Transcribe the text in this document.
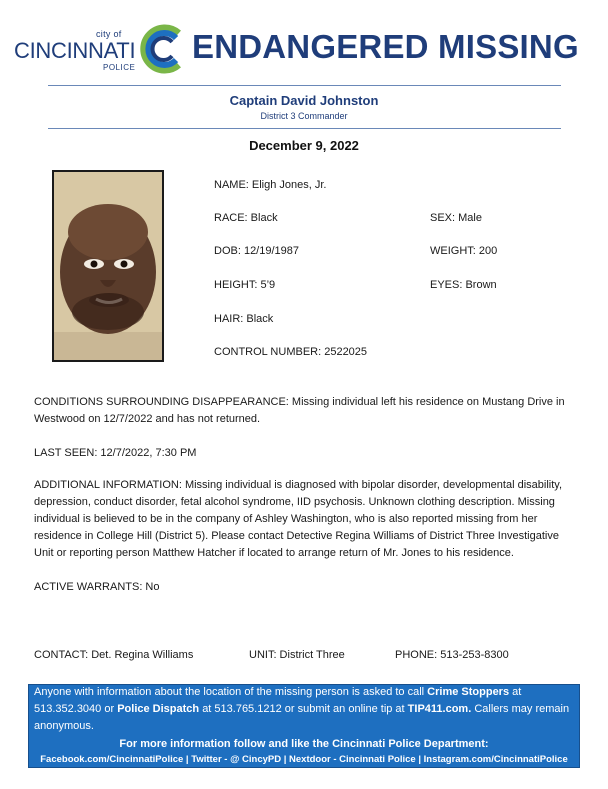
city of
CINCINNATI
POLICE
ENDANGERED MISSING
Captain David Johnston
District 3 Commander
December 9, 2022
NAME: Eligh Jones, Jr.
RACE: Black	SEX: Male
DOB: 12/19/1987	WEIGHT: 200
HEIGHT: 5’9	EYES: Brown
HAIR: Black
CONTROL NUMBER: 2522025
CONDITIONS SURROUNDING DISAPPEARANCE: Missing individual left his residence on Mustang Drive in Westwood on 12/7/2022 and has not returned.
LAST SEEN: 12/7/2022, 7:30 PM
ADDITIONAL INFORMATION: Missing individual is diagnosed with bipolar disorder, developmental disability, depression, conduct disorder, fetal alcohol syndrome, IID psychosis. Unknown clothing description. Missing individual is believed to be in the company of Ashley Washington, who is also reported missing from her residence in College Hill (District 5). Please contact Detective Regina Williams of District Three Investigative Unit or reporting person Matthew Hatcher if located to arrange return of Mr. Jones to his residence.
ACTIVE WARRANTS: No
CONTACT: Det. Regina Williams	UNIT: District Three	PHONE: 513-253-8300
Anyone with information about the location of the missing person is asked to call Crime Stoppers at 513.352.3040 or Police Dispatch at 513.765.1212 or submit an online tip at TIP411.com. Callers may remain anonymous.
For more information follow and like the Cincinnati Police Department:
Facebook.com/CincinnatiPolice | Twitter - @ CincyPD | Nextdoor - Cincinnati Police | Instagram.com/CincinnatiPolice
